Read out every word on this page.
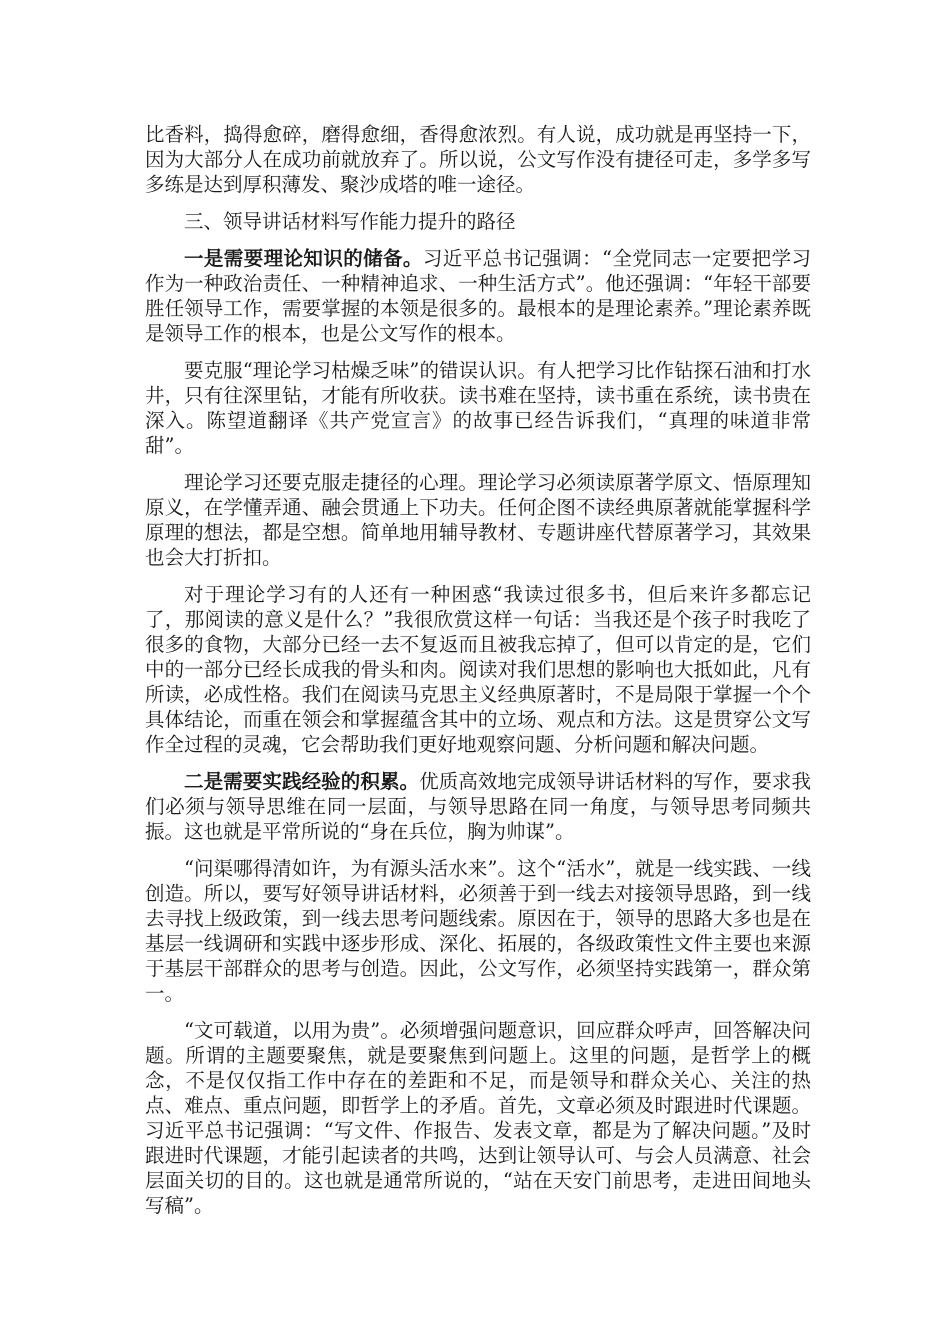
比香料，捣得愈碎，磨得愈细，香得愈浓烈。有人说，成功就是再坚持一下，因为大部分人在成功前就放弃了。所以说，公文写作没有捷径可走，多学多写多练是达到厚积薄发、聚沙成塔的唯一途径。

三、领导讲话材料写作能力提升的路径

一是需要理论知识的储备。习近平总书记强调：“全党同志一定要把学习作为一种政治责任、一种精神追求、一种生活方式”。他还强调：“年轻干部要胜任领导工作，需要掌握的本领是很多的。最根本的是理论素养。”理论素养既是领导工作的根本，也是公文写作的根本。

要克服“理论学习枯燥乏味”的错误认识。有人把学习比作钻探石油和打水井，只有往深里钻，才能有所收获。读书难在坚持，读书重在系统，读书贵在深入。陈望道翻译《共产党宣言》的故事已经告诉我们，“真理的味道非常甜”。

理论学习还要克服走捷径的心理。理论学习必须读原著学原文、悟原理知原义，在学懂弄通、融会贯通上下功夫。任何企图不读经典原著就能掌握科学原理的想法，都是空想。简单地用辅导教材、专题讲座代替原著学习，其效果也会大打折扣。

对于理论学习有的人还有一种困惑“我读过很多书，但后来许多都忘记了，那阅读的意义是什么？”我很欣赏这样一句话：当我还是个孩子时我吃了很多的食物，大部分已经一去不复返而且被我忘掉了，但可以肯定的是，它们中的一部分已经长成我的骨头和肉。阅读对我们思想的影响也大抵如此，凡有所读，必成性格。我们在阅读马克思主义经典原著时，不是局限于掌握一个个具体结论，而重在领会和掌握蕴含其中的立场、观点和方法。这是贯穿公文写作全过程的灵魂，它会帮助我们更好地观察问题、分析问题和解决问题。

二是需要实践经验的积累。优质高效地完成领导讲话材料的写作，要求我们必须与领导思维在同一层面，与领导思路在同一角度，与领导思考同频共振。这也就是平常所说的“身在兵位，胸为帅谋”。

“问渠哪得清如许，为有源头活水来”。这个“活水”，就是一线实践、一线创造。所以，要写好领导讲话材料，必须善于到一线去对接领导思路，到一线去寻找上级政策，到一线去思考问题线索。原因在于，领导的思路大多也是在基层一线调研和实践中逐步形成、深化、拓展的，各级政策性文件主要也来源于基层干部群众的思考与创造。因此，公文写作，必须坚持实践第一，群众第一。

“文可载道，以用为贵”。必须增强问题意识，回应群众呼声，回答解决问题。所谓的主题要聚焦，就是要聚焦到问题上。这里的问题，是哲学上的概念，不是仅仅指工作中存在的差距和不足，而是领导和群众关心、关注的热点、难点、重点问题，即哲学上的矛盾。首先，文章必须及时跟进时代课题。习近平总书记强调：“写文件、作报告、发表文章，都是为了解决问题。”及时跟进时代课题，才能引起读者的共鸣，达到让领导认可、与会人员满意、社会层面关切的目的。这也就是通常所说的，“站在天安门前思考，走进田间地头写稿”。
